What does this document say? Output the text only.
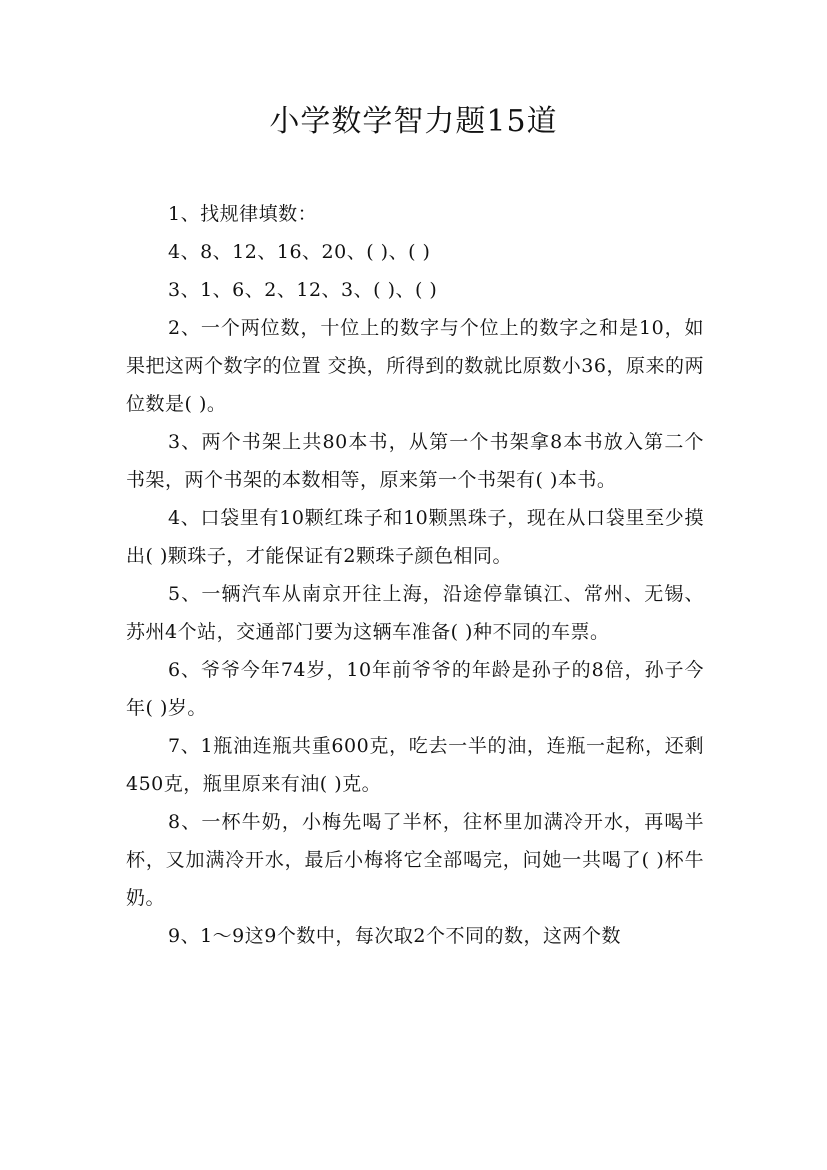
小学数学智力题15道

1、找规律填数：

4、8、12、16、20、( )、( )

3、1、6、2、12、3、( )、( )

2、一个两位数，十位上的数字与个位上的数字之和是10，如果把这两个数字的位置 交换，所得到的数就比原数小36，原来的两位数是( )。

3、两个书架上共80本书，从第一个书架拿8本书放入第二个书架，两个书架的本数相等，原来第一个书架有( )本书。

4、口袋里有10颗红珠子和10颗黑珠子，现在从口袋里至少摸出( )颗珠子，才能保证有2颗珠子颜色相同。

5、一辆汽车从南京开往上海，沿途停靠镇江、常州、无锡、苏州4个站，交通部门要为这辆车准备( )种不同的车票。

6、爷爷今年74岁，10年前爷爷的年龄是孙子的8倍，孙子今年( )岁。

7、1瓶油连瓶共重600克，吃去一半的油，连瓶一起称，还剩450克，瓶里原来有油( )克。

8、一杯牛奶，小梅先喝了半杯，往杯里加满冷开水，再喝半杯，又加满冷开水，最后小梅将它全部喝完，问她一共喝了( )杯牛奶。

9、1～9这9个数中，每次取2个不同的数，这两个数
